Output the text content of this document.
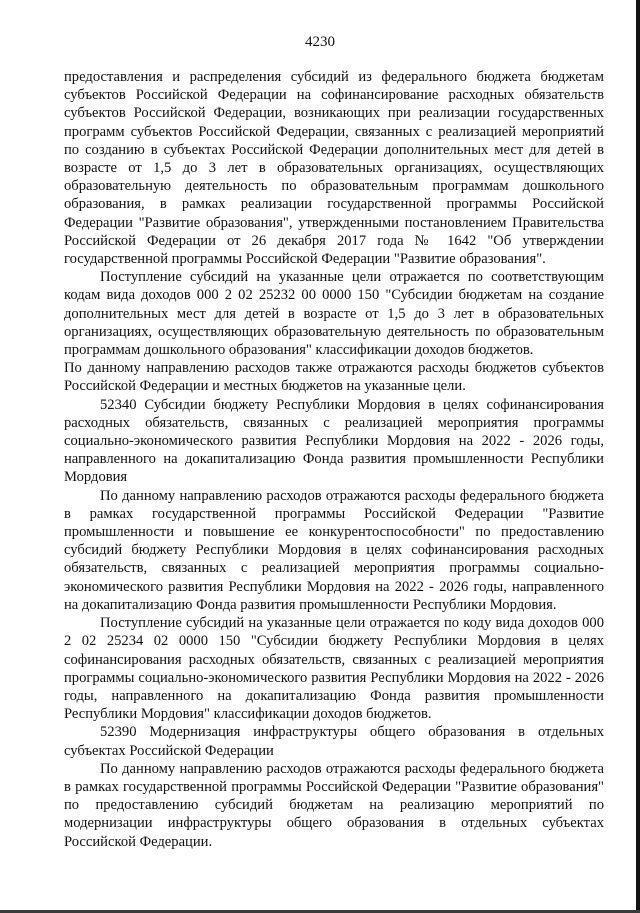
4230

предоставления и распределения субсидий из федерального бюджета бюджетам субъектов Российской Федерации на софинансирование расходных обязательств субъектов Российской Федерации, возникающих при реализации государственных программ субъектов Российской Федерации, связанных с реализацией мероприятий по созданию в субъектах Российской Федерации дополнительных мест для детей в возрасте от 1,5 до 3 лет в образовательных организациях, осуществляющих образовательную деятельность по образовательным программам дошкольного образования, в рамках реализации государственной программы Российской Федерации "Развитие образования", утвержденными постановлением Правительства Российской Федерации от 26 декабря 2017 года № 1642 "Об утверждении государственной программы Российской Федерации "Развитие образования".

Поступление субсидий на указанные цели отражается по соответствующим кодам вида доходов 000 2 02 25232 00 0000 150 "Субсидии бюджетам на создание дополнительных мест для детей в возрасте от 1,5 до 3 лет в образовательных организациях, осуществляющих образовательную деятельность по образовательным программам дошкольного образования" классификации доходов бюджетов.

По данному направлению расходов также отражаются расходы бюджетов субъектов Российской Федерации и местных бюджетов на указанные цели.

52340 Субсидии бюджету Республики Мордовия в целях софинансирования расходных обязательств, связанных с реализацией мероприятия программы социально-экономического развития Республики Мордовия на 2022 - 2026 годы, направленного на докапитализацию Фонда развития промышленности Республики Мордовия

По данному направлению расходов отражаются расходы федерального бюджета в рамках государственной программы Российской Федерации "Развитие промышленности и повышение ее конкурентоспособности" по предоставлению субсидий бюджету Республики Мордовия в целях софинансирования расходных обязательств, связанных с реализацией мероприятия программы социально-экономического развития Республики Мордовия на 2022 - 2026 годы, направленного на докапитализацию Фонда развития промышленности Республики Мордовия.

Поступление субсидий на указанные цели отражается по коду вида доходов 000 2 02 25234 02 0000 150 "Субсидии бюджету Республики Мордовия в целях софинансирования расходных обязательств, связанных с реализацией мероприятия программы социально-экономического развития Республики Мордовия на 2022 - 2026 годы, направленного на докапитализацию Фонда развития промышленности Республики Мордовия" классификации доходов бюджетов.

52390 Модернизация инфраструктуры общего образования в отдельных субъектах Российской Федерации

По данному направлению расходов отражаются расходы федерального бюджета в рамках государственной программы Российской Федерации "Развитие образования" по предоставлению субсидий бюджетам на реализацию мероприятий по модернизации инфраструктуры общего образования в отдельных субъектах Российской Федерации.
